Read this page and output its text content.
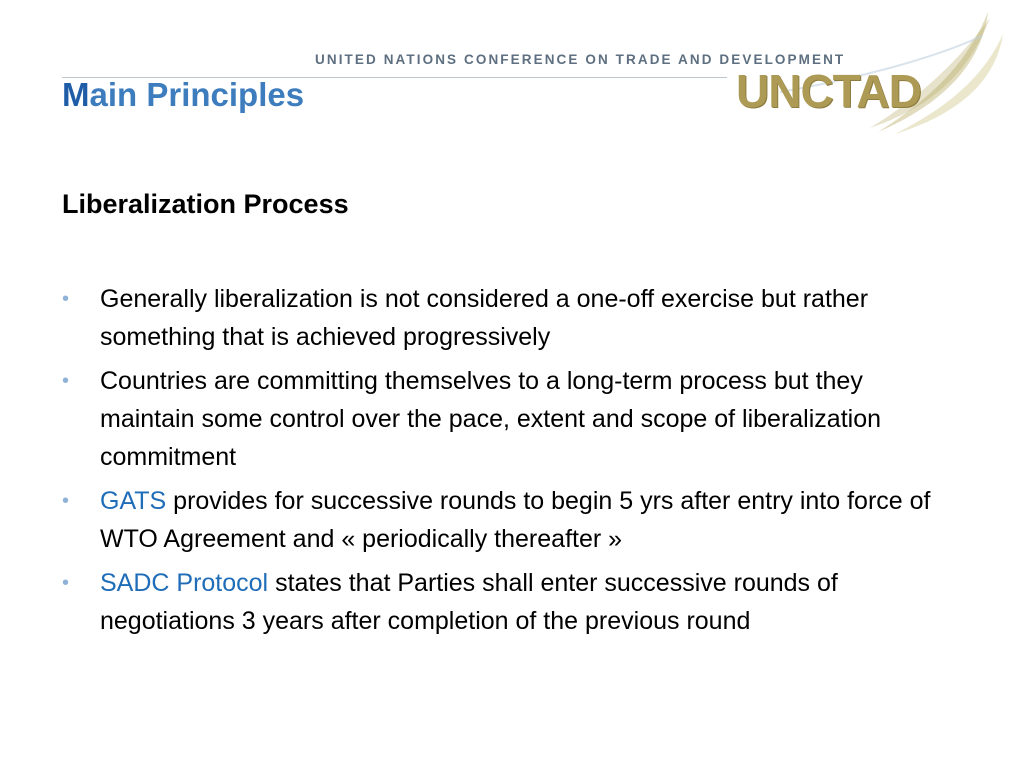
UNITED NATIONS CONFERENCE ON TRADE AND DEVELOPMENT
UNCTAD
Main Principles
Liberalization Process
• Generally liberalization is not considered a one-off exercise but rather something that is achieved progressively
• Countries are committing themselves to a long-term process but they maintain some control over the pace, extent and scope of liberalization commitment
• GATS provides for successive rounds to begin 5 yrs after entry into force of WTO Agreement and « periodically thereafter »
• SADC Protocol states that Parties shall enter successive rounds of negotiations 3 years after completion of the previous round
